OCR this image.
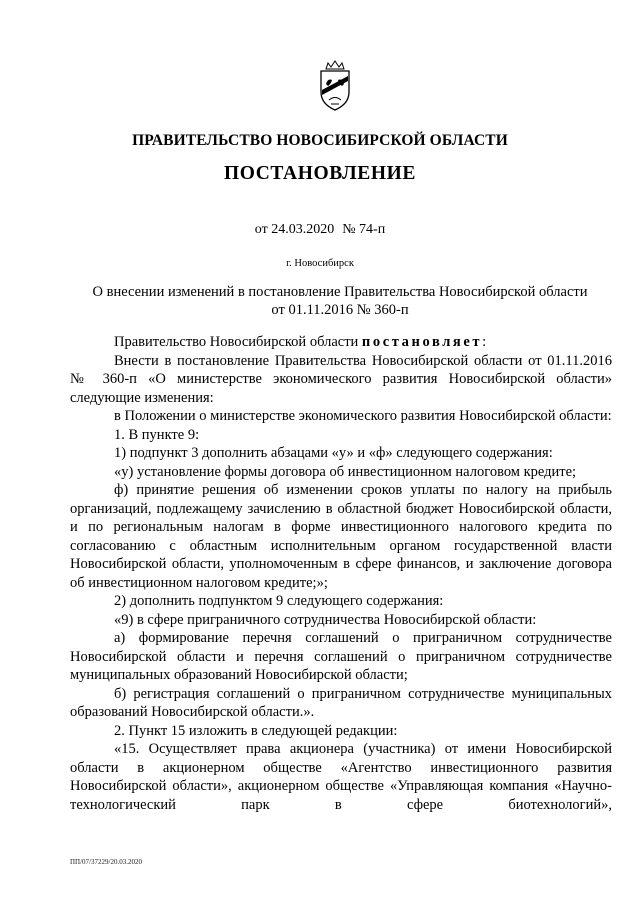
ПРАВИТЕЛЬСТВО НОВОСИБИРСКОЙ ОБЛАСТИ
ПОСТАНОВЛЕНИЕ
от 24.03.2020 № 74-п
г. Новосибирск
О внесении изменений в постановление Правительства Новосибирской области
от 01.11.2016 № 360-п

Правительство Новосибирской области постановляет:

Внести в постановление Правительства Новосибирской области от 01.11.2016 № 360-п «О министерстве экономического развития Новосибирской области» следующие изменения:

в Положении о министерстве экономического развития Новосибирской области:

1. В пункте 9:

1) подпункт 3 дополнить абзацами «у» и «ф» следующего содержания:

«у) установление формы договора об инвестиционном налоговом кредите;

ф) принятие решения об изменении сроков уплаты по налогу на прибыль организаций, подлежащему зачислению в областной бюджет Новосибирской области, и по региональным налогам в форме инвестиционного налогового кредита по согласованию с областным исполнительным органом государственной власти Новосибирской области, уполномоченным в сфере финансов, и заключение договора об инвестиционном налоговом кредите;»;

2) дополнить подпунктом 9 следующего содержания:

«9) в сфере приграничного сотрудничества Новосибирской области:

а) формирование перечня соглашений о приграничном сотрудничестве Новосибирской области и перечня соглашений о приграничном сотрудничестве муниципальных образований Новосибирской области;

б) регистрация соглашений о приграничном сотрудничестве муниципальных образований Новосибирской области.».

2. Пункт 15 изложить в следующей редакции:

«15. Осуществляет права акционера (участника) от имени Новосибирской области в акционерном обществе «Агентство инвестиционного развития Новосибирской области», акционерном обществе «Управляющая компания «Научно-технологический парк в сфере биотехнологий»,

ПП/07/37229/20.03.2020
